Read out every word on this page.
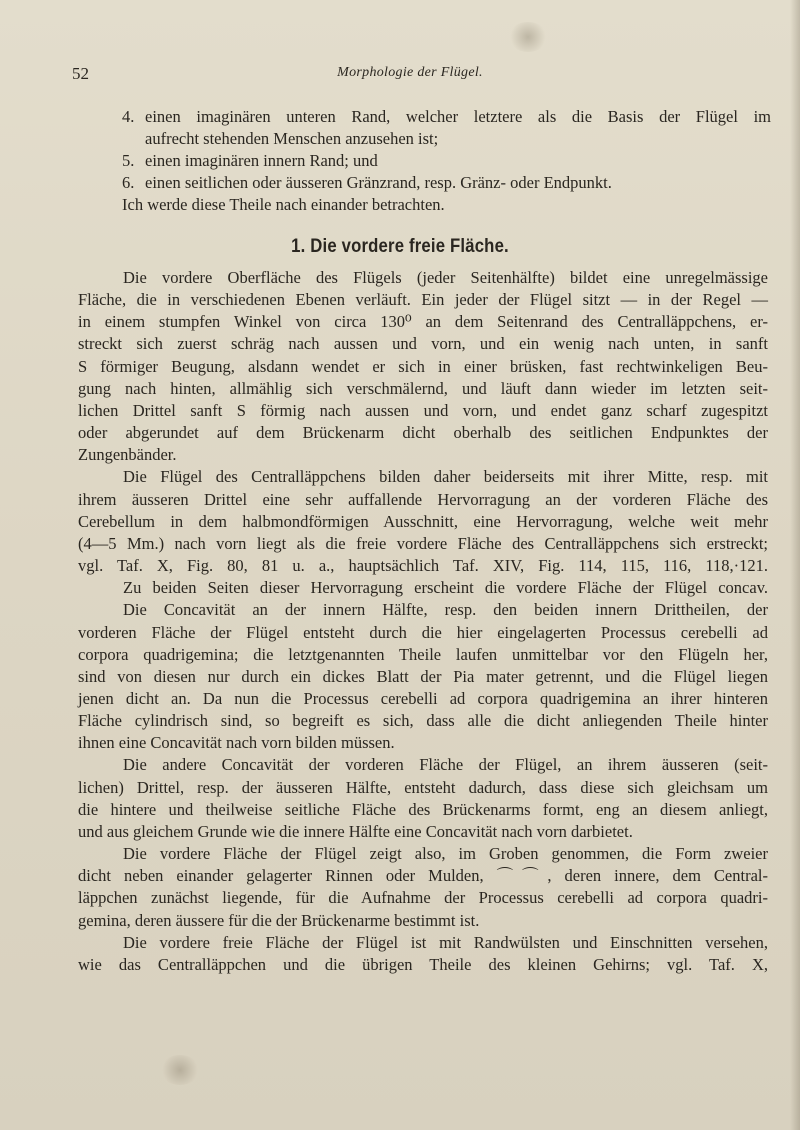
52	Morphologie der Flügel.
4. einen imaginären unteren Rand, welcher letztere als die Basis der Flügel im
aufrecht stehenden Menschen anzusehen ist;
5. einen imaginären innern Rand; und
6. einen seitlichen oder äusseren Gränzrand, resp. Gränz- oder Endpunkt.
Ich werde diese Theile nach einander betrachten.
1. Die vordere freie Fläche.

Die vordere Oberfläche des Flügels (jeder Seitenhälfte) bildet eine unregelmässige

Fläche, die in verschiedenen Ebenen verläuft. Ein jeder der Flügel sitzt — in der Regel —

in einem stumpfen Winkel von circa 130⁰ an dem Seitenrand des Centralläppchens, er-

streckt sich zuerst schräg nach aussen und vorn, und ein wenig nach unten, in sanft

S förmiger Beugung, alsdann wendet er sich in einer brüsken, fast rechtwinkeligen Beu-

gung nach hinten, allmählig sich verschmälernd, und läuft dann wieder im letzten seit-

lichen Drittel sanft S förmig nach aussen und vorn, und endet ganz scharf zugespitzt

oder abgerundet auf dem Brückenarm dicht oberhalb des seitlichen Endpunktes der

Zungenbänder.

Die Flügel des Centralläppchens bilden daher beiderseits mit ihrer Mitte, resp. mit

ihrem äusseren Drittel eine sehr auffallende Hervorragung an der vorderen Fläche des

Cerebellum in dem halbmondförmigen Ausschnitt, eine Hervorragung, welche weit mehr

(4—5 Mm.) nach vorn liegt als die freie vordere Fläche des Centralläppchens sich erstreckt;

vgl. Taf. X, Fig. 80, 81 u. a., hauptsächlich Taf. XIV, Fig. 114, 115, 116, 118,·121.

Zu beiden Seiten dieser Hervorragung erscheint die vordere Fläche der Flügel concav.

Die Concavität an der innern Hälfte, resp. den beiden innern Drittheilen, der

vorderen Fläche der Flügel entsteht durch die hier eingelagerten Processus cerebelli ad

corpora quadrigemina; die letztgenannten Theile laufen unmittelbar vor den Flügeln her,

sind von diesen nur durch ein dickes Blatt der Pia mater getrennt, und die Flügel liegen

jenen dicht an. Da nun die Processus cerebelli ad corpora quadrigemina an ihrer hinteren

Fläche cylindrisch sind, so begreift es sich, dass alle die dicht anliegenden Theile hinter

ihnen eine Concavität nach vorn bilden müssen.

Die andere Concavität der vorderen Fläche der Flügel, an ihrem äusseren (seit-

lichen) Drittel, resp. der äusseren Hälfte, entsteht dadurch, dass diese sich gleichsam um

die hintere und theilweise seitliche Fläche des Brückenarms formt, eng an diesem anliegt,

und aus gleichem Grunde wie die innere Hälfte eine Concavität nach vorn darbietet.

Die vordere Fläche der Flügel zeigt also, im Groben genommen, die Form zweier

dicht neben einander gelagerter Rinnen oder Mulden, ⌒⌒, deren innere, dem Central-

läppchen zunächst liegende, für die Aufnahme der Processus cerebelli ad corpora quadri-

gemina, deren äussere für die der Brückenarme bestimmt ist.

Die vordere freie Fläche der Flügel ist mit Randwülsten und Einschnitten versehen,

wie das Centralläppchen und die übrigen Theile des kleinen Gehirns; vgl. Taf. X,
